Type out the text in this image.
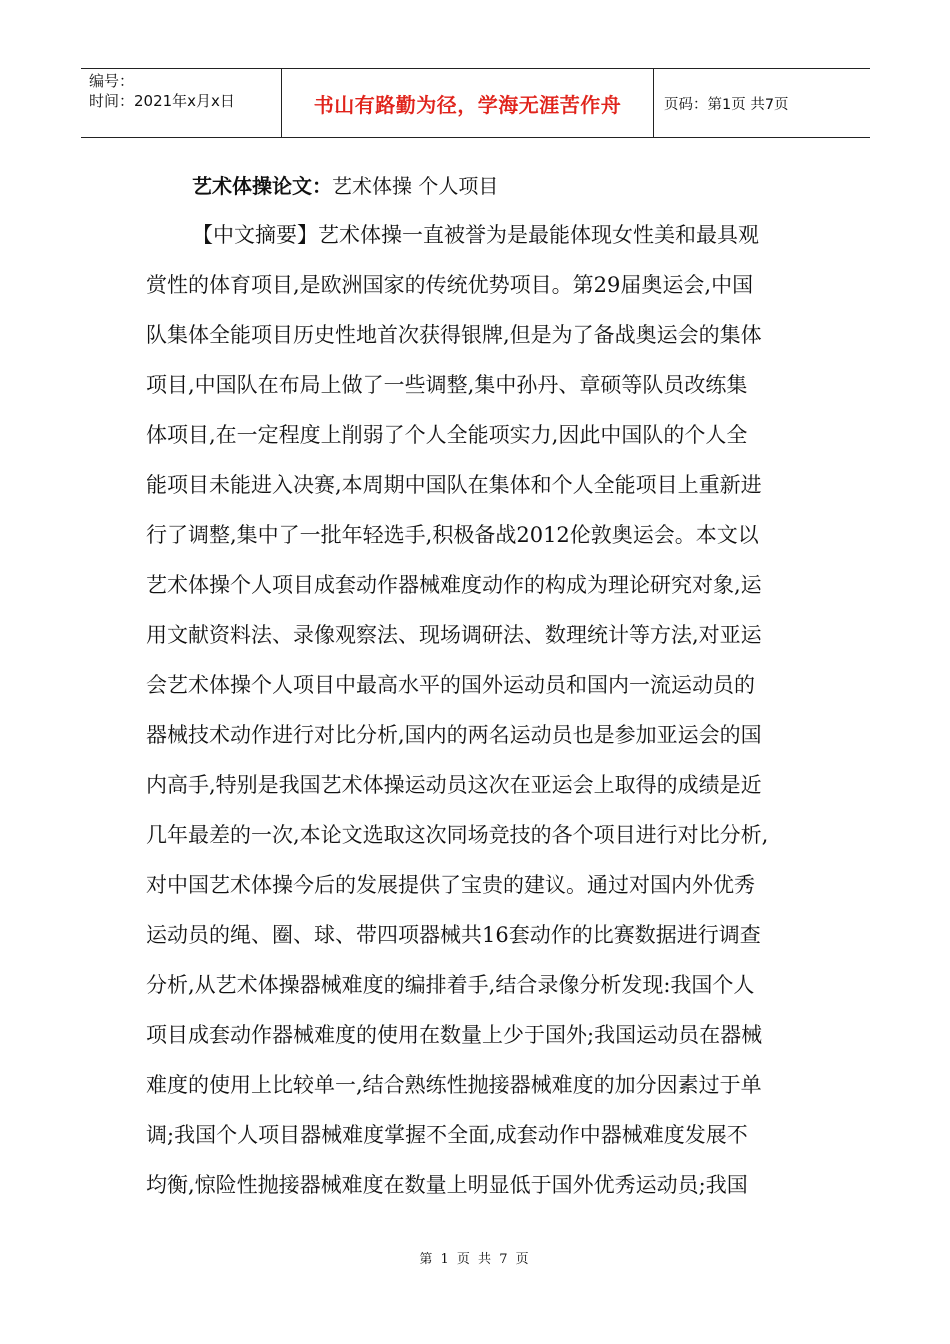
编号：
时间：2021年x月x日	书山有路勤为径，学海无涯苦作舟	页码：第1页 共7页
艺术体操论文：艺术体操 个人项目
【中文摘要】艺术体操一直被誉为是最能体现女性美和最具观
赏性的体育项目,是欧洲国家的传统优势项目。第29届奥运会,中国
队集体全能项目历史性地首次获得银牌,但是为了备战奥运会的集体
项目,中国队在布局上做了一些调整,集中孙丹、章硕等队员改练集
体项目,在一定程度上削弱了个人全能项实力,因此中国队的个人全
能项目未能进入决赛,本周期中国队在集体和个人全能项目上重新进
行了调整,集中了一批年轻选手,积极备战2012伦敦奥运会。本文以
艺术体操个人项目成套动作器械难度动作的构成为理论研究对象,运
用文献资料法、录像观察法、现场调研法、数理统计等方法,对亚运
会艺术体操个人项目中最高水平的国外运动员和国内一流运动员的
器械技术动作进行对比分析,国内的两名运动员也是参加亚运会的国
内高手,特别是我国艺术体操运动员这次在亚运会上取得的成绩是近
几年最差的一次,本论文选取这次同场竞技的各个项目进行对比分析,
对中国艺术体操今后的发展提供了宝贵的建议。通过对国内外优秀
运动员的绳、圈、球、带四项器械共16套动作的比赛数据进行调查
分析,从艺术体操器械难度的编排着手,结合录像分析发现:我国个人
项目成套动作器械难度的使用在数量上少于国外;我国运动员在器械
难度的使用上比较单一,结合熟练性抛接器械难度的加分因素过于单
调;我国个人项目器械难度掌握不全面,成套动作中器械难度发展不
均衡,惊险性抛接器械难度在数量上明显低于国外优秀运动员;我国
第 1 页 共 7 页
